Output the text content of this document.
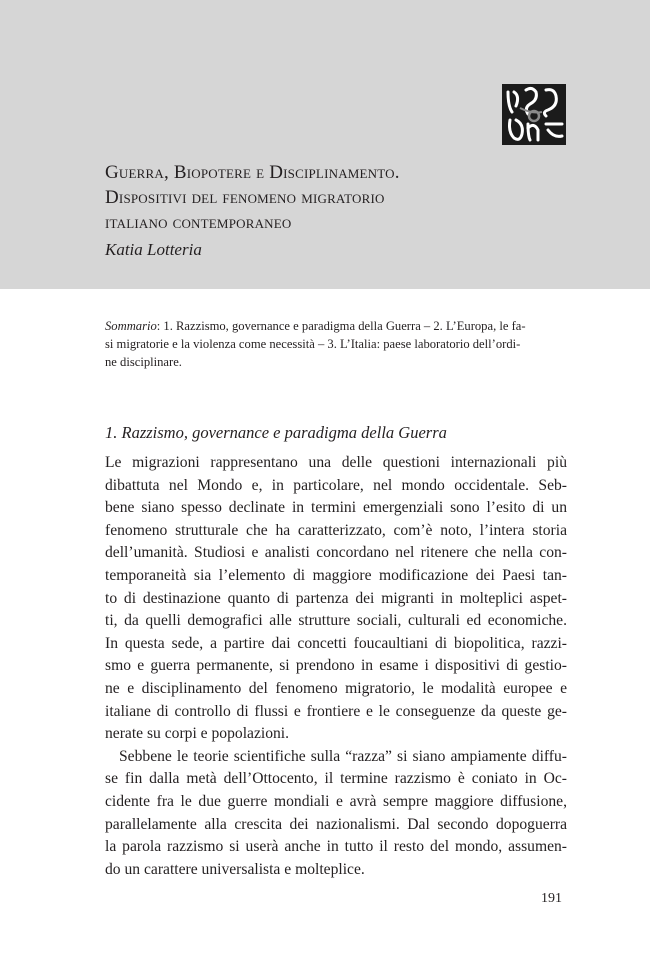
Guerra, Biopotere e Disciplinamento.
Dispositivi del fenomeno migratorio
italiano contemporaneo
Katia Lotteria
Sommario: 1. Razzismo, governance e paradigma della Guerra – 2. L’Europa, le fa-
si migratorie e la violenza come necessità – 3. L’Italia: paese laboratorio dell’ordi-
ne disciplinare.
1. Razzismo, governance e paradigma della Guerra
Le migrazioni rappresentano una delle questioni internazionali più
dibattuta nel Mondo e, in particolare, nel mondo occidentale. Seb-
bene siano spesso declinate in termini emergenziali sono l’esito di un
fenomeno strutturale che ha caratterizzato, com’è noto, l’intera storia
dell’umanità. Studiosi e analisti concordano nel ritenere che nella con-
temporaneità sia l’elemento di maggiore modificazione dei Paesi tan-
to di destinazione quanto di partenza dei migranti in molteplici aspet-
ti, da quelli demografici alle strutture sociali, culturali ed economiche.
In questa sede, a partire dai concetti foucaultiani di biopolitica, razzi-
smo e guerra permanente, si prendono in esame i dispositivi di gestio-
ne e disciplinamento del fenomeno migratorio, le modalità europee e
italiane di controllo di flussi e frontiere e le conseguenze da queste ge-
nerate su corpi e popolazioni.
Sebbene le teorie scientifiche sulla “razza” si siano ampiamente diffu-
se fin dalla metà dell’Ottocento, il termine razzismo è coniato in Oc-
cidente fra le due guerre mondiali e avrà sempre maggiore diffusione,
parallelamente alla crescita dei nazionalismi. Dal secondo dopoguerra
la parola razzismo si userà anche in tutto il resto del mondo, assumen-
do un carattere universalista e molteplice.
191
